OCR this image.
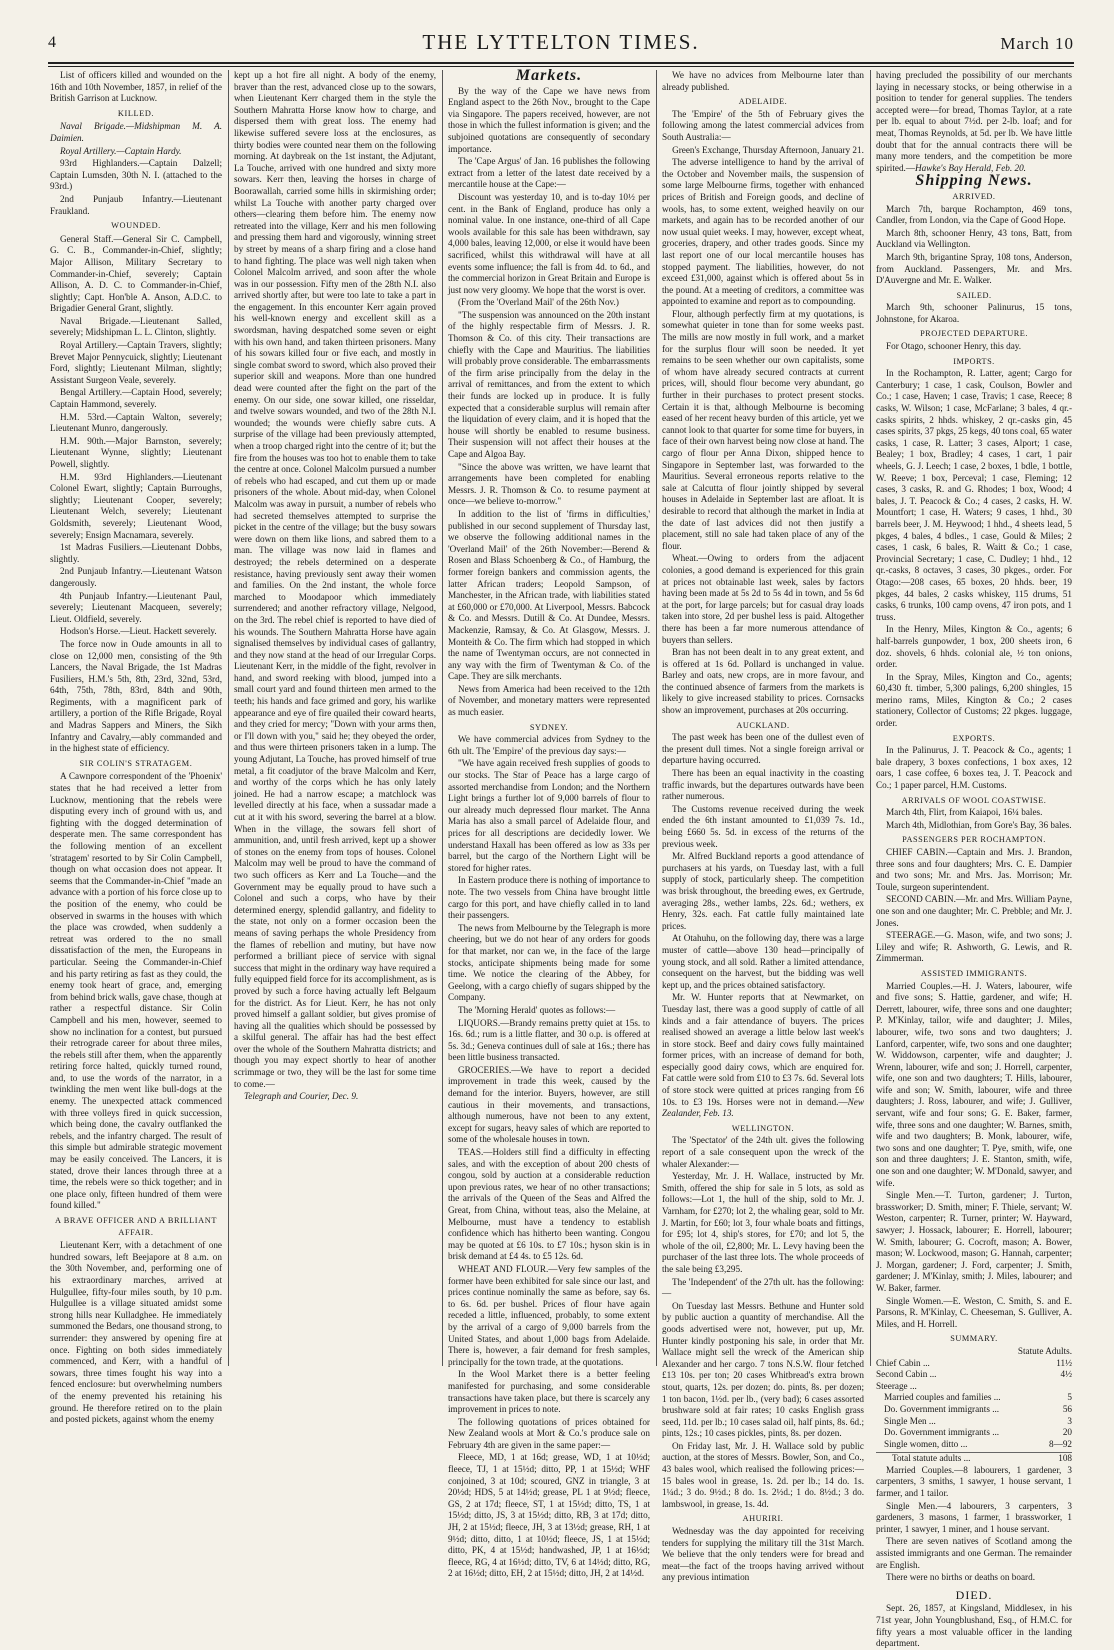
4	THE LYTTELTON TIMES.	March 10

List of officers killed and wounded on the 16th and 10th November, 1857, in relief of the British Garrison at Lucknow.

KILLED.

Naval Brigade.—Midshipman M. A. Daimien.

Royal Artillery.—Captain Hardy.

93rd Highlanders.—Captain Dalzell; Captain Lumsden, 30th N. I. (attached to the 93rd.)

2nd Punjaub Infantry.—Lieutenant Fraukland.

WOUNDED.

General Staff.—General Sir C. Campbell, G. C. B., Commander-in-Chief, slightly; Major Allison, Military Secretary to Commander-in-Chief, severely; Captain Allison, A. D. C. to Commander-in-Chief, slightly; Capt. Hon'ble A. Anson, A.D.C. to Brigadier General Grant, slightly.

Naval Brigade.—Lieutenant Salled, severely; Midshipman L. L. Clinton, slightly.

Royal Artillery.—Captain Travers, slightly; Brevet Major Pennycuick, slightly; Lieutenant Ford, slightly; Lieutenant Milman, slightly; Assistant Surgeon Veale, severely.

Bengal Artillery.—Captain Hood, severely; Captain Hammond, severely.

H.M. 53rd.—Captain Walton, severely; Lieutenant Munro, dangerously.

H.M. 90th.—Major Barnston, severely; Lieutenant Wynne, slightly; Lieutenant Powell, slightly.

H.M. 93rd Highlanders.—Lieutenant Colonel Ewart, slightly; Captain Burroughs, slightly; Lieutenant Cooper, severely; Lieutenant Welch, severely; Lieutenant Goldsmith, severely; Lieutenant Wood, severely; Ensign Macnamara, severely.

1st Madras Fusiliers.—Lieutenant Dobbs, slightly.

2nd Punjaub Infantry.—Lieutenant Watson dangerously.

4th Punjaub Infantry.—Lieutenant Paul, severely; Lieutenant Macqueen, severely; Lieut. Oldfield, severely.

Hodson's Horse.—Lieut. Hackett severely.

The force now in Oude amounts in all to close on 12,000 men, consisting of the 9th Lancers, the Naval Brigade, the 1st Madras Fusiliers, H.M.'s 5th, 8th, 23rd, 32nd, 53rd, 64th, 75th, 78th, 83rd, 84th and 90th, Regiments, with a magnificent park of artillery, a portion of the Rifle Brigade, Royal and Madras Sappers and Miners, the Sikh Infantry and Cavalry,—ably commanded and in the highest state of efficiency.

SIR COLIN'S STRATAGEM.

A Cawnpore correspondent of the 'Phoenix' states that he had received a letter from Lucknow, mentioning that the rebels were disputing every inch of ground with us, and fighting with the dogged determination of desperate men. The same correspondent has the following mention of an excellent 'stratagem' resorted to by Sir Colin Campbell, though on what occasion does not appear. It seems that the Commander-in-Chief "made an advance with a portion of his force close up to the position of the enemy, who could be observed in swarms in the houses with which the place was crowded, when suddenly a retreat was ordered to the no small dissatisfaction of the men, the Europeans in particular. Seeing the Commander-in-Chief and his party retiring as fast as they could, the enemy took heart of grace, and, emerging from behind brick walls, gave chase, though at rather a respectful distance. Sir Colin Campbell and his men, however, seemed to show no inclination for a contest, but pursued their retrograde career for about three miles, the rebels still after them, when the apparently retiring force halted, quickly turned round, and, to use the words of the narrator, in a twinkling the men went like bull-dogs at the enemy. The unexpected attack commenced with three volleys fired in quick succession, which being done, the cavalry outflanked the rebels, and the infantry charged. The result of this simple but admirable strategic movement may be easily conceived. The Lancers, it is stated, drove their lances through three at a time, the rebels were so thick together; and in one place only, fifteen hundred of them were found killed."

A BRAVE OFFICER AND A BRILLIANT AFFAIR.

Lieutenant Kerr, with a detachment of one hundred sowars, left Beejapore at 8 a.m. on the 30th November, and, performing one of his extraordinary marches, arrived at Hulgullee, fifty-four miles south, by 10 p.m. Hulgullee is a village situated amidst some strong hills near Kulladghee. He immediately summoned the Bedars, one thousand strong, to surrender: they answered by opening fire at once. Fighting on both sides immediately commenced, and Kerr, with a handful of sowars, three times fought his way into a fenced enclosure: but overwhelming numbers of the enemy prevented his retaining his ground. He therefore retired on to the plain and posted pickets, against whom the enemy

kept up a hot fire all night. A body of the enemy, braver than the rest, advanced close up to the sowars, when Lieutenant Kerr charged them in the style the Southern Mahratta Horse know how to charge, and dispersed them with great loss. The enemy had likewise suffered severe loss at the enclosures, as thirty bodies were counted near them on the following morning. At daybreak on the 1st instant, the Adjutant, La Touche, arrived with one hundred and sixty more sowars. Kerr then, leaving the horses in charge of Boorawallah, carried some hills in skirmishing order; whilst La Touche with another party charged over others—clearing them before him. The enemy now retreated into the village, Kerr and his men following and pressing them hard and vigorously, winning street by street by means of a sharp firing and a close hand to hand fighting. The place was well nigh taken when Colonel Malcolm arrived, and soon after the whole was in our possession. Fifty men of the 28th N.I. also arrived shortly after, but were too late to take a part in the engagement. In this encounter Kerr again proved his well-known energy and excellent skill as a swordsman, having despatched some seven or eight with his own hand, and taken thirteen prisoners. Many of his sowars killed four or five each, and mostly in single combat sword to sword, which also proved their superior skill and weapons. More than one hundred dead were counted after the fight on the part of the enemy. On our side, one sowar killed, one risseldar, and twelve sowars wounded, and two of the 28th N.I. wounded; the wounds were chiefly sabre cuts. A surprise of the village had been previously attempted, when a troop charged right into the centre of it; but the fire from the houses was too hot to enable them to take the centre at once. Colonel Malcolm pursued a number of rebels who had escaped, and cut them up or made prisoners of the whole. About mid-day, when Colonel Malcolm was away in pursuit, a number of rebels who had secreted themselves attempted to surprise the picket in the centre of the village; but the busy sowars were down on them like lions, and sabred them to a man. The village was now laid in flames and destroyed; the rebels determined on a desperate resistance, having previously sent away their women and families. On the 2nd instant, the whole force marched to Moodapoor which immediately surrendered; and another refractory village, Nelgood, on the 3rd. The rebel chief is reported to have died of his wounds. The Southern Mahratta Horse have again signalised themselves by individual cases of gallantry, and they now stand at the head of our Irregular Corps. Lieutenant Kerr, in the middle of the fight, revolver in hand, and sword reeking with blood, jumped into a small court yard and found thirteen men armed to the teeth; his hands and face grimed and gory, his warlike appearance and eye of fire quailed their coward hearts, and they cried for mercy; "Down with your arms then, or I'll down with you," said he; they obeyed the order, and thus were thirteen prisoners taken in a lump. The young Adjutant, La Touche, has proved himself of true metal, a fit coadjutor of the brave Malcolm and Kerr, and worthy of the corps which he has only lately joined. He had a narrow escape; a matchlock was levelled directly at his face, when a sussadar made a cut at it with his sword, severing the barrel at a blow. When in the village, the sowars fell short of ammunition, and, until fresh arrived, kept up a shower of stones on the enemy from tops of houses. Colonel Malcolm may well be proud to have the command of two such officers as Kerr and La Touche—and the Government may be equally proud to have such a Colonel and such a corps, who have by their determined energy, splendid gallantry, and fidelity to the state, not only on a former occasion been the means of saving perhaps the whole Presidency from the flames of rebellion and mutiny, but have now performed a brilliant piece of service with signal success that might in the ordinary way have required a fully equipped field force for its accomplishment, as is proved by such a force having actually left Belgaum for the district. As for Lieut. Kerr, he has not only proved himself a gallant soldier, but gives promise of having all the qualities which should be possessed by a skilful general. The affair has had the best effect over the whole of the Southern Mahratta districts; and though you may expect shortly to hear of another scrimmage or two, they will be the last for some time to come.—

Telegraph and Courier, Dec. 9.

Markets.

By the way of the Cape we have news from England aspect to the 26th Nov., brought to the Cape via Singapore. The papers received, however, are not those in which the fullest information is given; and the subjoined quotations are consequently of secondary importance.

The 'Cape Argus' of Jan. 16 publishes the following extract from a letter of the latest date received by a mercantile house at the Cape:—

Discount was yesterday 10, and is to-day 10½ per cent. in the Bank of England, produce has only a nominal value. In one instance, one-third of all Cape wools available for this sale has been withdrawn, say 4,000 bales, leaving 12,000, or else it would have been sacrificed, whilst this withdrawal will have at all events some influence; the fall is from 4d. to 6d., and the commercial horizon in Great Britain and Europe is just now very gloomy. We hope that the worst is over.

(From the 'Overland Mail' of the 26th Nov.)

"The suspension was announced on the 20th instant of the highly respectable firm of Messrs. J. R. Thomson & Co. of this city. Their transactions are chiefly with the Cape and Mauritius. The liabilities will probably prove considerable. The embarrassments of the firm arise principally from the delay in the arrival of remittances, and from the extent to which their funds are locked up in produce. It is fully expected that a considerable surplus will remain after the liquidation of every claim, and it is hoped that the house will shortly be enabled to resume business. Their suspension will not affect their houses at the Cape and Algoa Bay.

"Since the above was written, we have learnt that arrangements have been completed for enabling Messrs. J. R. Thomson & Co. to resume payment at once—we believe to-morrow."

In addition to the list of 'firms in difficulties,' published in our second supplement of Thursday last, we observe the following additional names in the 'Overland Mail' of the 26th November:—Berend & Rosen and Blass Schoenberg & Co., of Hamburg, the former foreign bankers and commission agents, the latter African traders; Leopold Sampson, of Manchester, in the African trade, with liabilities stated at £60,000 or £70,000. At Liverpool, Messrs. Babcock & Co. and Messrs. Dutill & Co. At Dundee, Messrs. Mackenzie, Ramsay, & Co. At Glasgow, Messrs. J. Monteith & Co. The firm which had stopped in which the name of Twentyman occurs, are not connected in any way with the firm of Twentyman & Co. of the Cape. They are silk merchants.

News from America had been received to the 12th of November, and monetary matters were represented as much easier.

SYDNEY.

We have commercial advices from Sydney to the 6th ult. The 'Empire' of the previous day says:—

"We have again received fresh supplies of goods to our stocks. The Star of Peace has a large cargo of assorted merchandise from London; and the Northern Light brings a further lot of 9,000 barrels of flour to our already much depressed flour market. The Anna Maria has also a small parcel of Adelaide flour, and prices for all descriptions are decidedly lower. We understand Haxall has been offered as low as 33s per barrel, but the cargo of the Northern Light will be stored for higher rates.

In Eastern produce there is nothing of importance to note. The two vessels from China have brought little cargo for this port, and have chiefly called in to land their passengers.

The news from Melbourne by the Telegraph is more cheering, but we do not hear of any orders for goods for that market, nor can we, in the face of the large stocks, anticipate shipments being made for some time. We notice the clearing of the Abbey, for Geelong, with a cargo chiefly of sugars shipped by the Company.

The 'Morning Herald' quotes as follows:—

LIQUORS.—Brandy remains pretty quiet at 15s. to 16s. 6d.; rum is a little flatter, and 30 o.p. is offered at 5s. 3d.; Geneva continues dull of sale at 16s.; there has been little business transacted.

GROCERIES.—We have to report a decided improvement in trade this week, caused by the demand for the interior. Buyers, however, are still cautious in their movements, and transactions, although numerous, have not been to any extent, except for sugars, heavy sales of which are reported to some of the wholesale houses in town.

TEAS.—Holders still find a difficulty in effecting sales, and with the exception of about 200 chests of congou, sold by auction at a considerable reduction upon previous rates, we hear of no other transactions; the arrivals of the Queen of the Seas and Alfred the Great, from China, without teas, also the Melaine, at Melbourne, must have a tendency to establish confidence which has hitherto been wanting. Congou may be quoted at £6 10s. to £7 10s.; hyson skin is in brisk demand at £4 4s. to £5 12s. 6d.

WHEAT AND FLOUR.—Very few samples of the former have been exhibited for sale since our last, and prices continue nominally the same as before, say 6s. to 6s. 6d. per bushel. Prices of flour have again receded a little, influenced, probably, to some extent by the arrival of a cargo of 9,000 barrels from the United States, and about 1,000 bags from Adelaide. There is, however, a fair demand for fresh samples, principally for the town trade, at the quotations.

In the Wool Market there is a better feeling manifested for purchasing, and some considerable transactions have taken place, but there is scarcely any improvement in prices to note.

The following quotations of prices obtained for New Zealand wools at Mort & Co.'s produce sale on February 4th are given in the same paper:—

Fleece, MD, 1 at 16d; grease, WD, 1 at 10½d; fleece, TJ, 1 at 15½d; ditto, PP, 1 at 15½d; WHF conjoined, 3 at 10d; scoured, GNZ in triangle, 3 at 20½d; HDS, 5 at 14½d; grease, PL 1 at 9½d; fleece, GS, 2 at 17d; fleece, ST, 1 at 15½d; ditto, TS, 1 at 15½d; ditto, JS, 3 at 15½d; ditto, RB, 3 at 17d; ditto, JH, 2 at 15½d; fleece, JH, 3 at 13½d; grease, RH, 1 at 9½d; ditto, ditto, 1 at 10½d; fleece, JS, 1 at 15½d; ditto, PK, 4 at 15½d; handwashed, JP, 1 at 16½d; fleece, RG, 4 at 16½d; ditto, TV, 6 at 14½d; ditto, RG, 2 at 16½d; ditto, EH, 2 at 15½d; ditto, JH, 2 at 14½d.

We have no advices from Melbourne later than already published.

ADELAIDE.

The 'Empire' of the 5th of February gives the following among the latest commercial advices from South Australia:—

Green's Exchange, Thursday Afternoon, January 21.

The adverse intelligence to hand by the arrival of the October and November mails, the suspension of some large Melbourne firms, together with enhanced prices of British and Foreign goods, and decline of wools, has, to some extent, weighed heavily on our markets, and again has to be recorded another of our now usual quiet weeks. I may, however, except wheat, groceries, drapery, and other trades goods. Since my last report one of our local mercantile houses has stopped payment. The liabilities, however, do not exceed £31,000, against which is offered about 5s in the pound. At a meeting of creditors, a committee was appointed to examine and report as to compounding.

Flour, although perfectly firm at my quotations, is somewhat quieter in tone than for some weeks past. The mills are now mostly in full work, and a market for the surplus flour will soon be needed. It yet remains to be seen whether our own capitalists, some of whom have already secured contracts at current prices, will, should flour become very abundant, go further in their purchases to protect present stocks. Certain it is that, although Melbourne is becoming eased of her recent heavy burden of this article, yet we cannot look to that quarter for some time for buyers, in face of their own harvest being now close at hand. The cargo of flour per Anna Dixon, shipped hence to Singapore in September last, was forwarded to the Mauritius. Several erroneous reports relative to the sale at Calcutta of flour jointly shipped by several houses in Adelaide in September last are afloat. It is desirable to record that although the market in India at the date of last advices did not then justify a placement, still no sale had taken place of any of the flour.

Wheat.—Owing to orders from the adjacent colonies, a good demand is experienced for this grain at prices not obtainable last week, sales by factors having been made at 5s 2d to 5s 4d in town, and 5s 6d at the port, for large parcels; but for casual dray loads taken into store, 2d per bushel less is paid. Altogether there has been a far more numerous attendance of buyers than sellers.

Bran has not been dealt in to any great extent, and is offered at 1s 6d. Pollard is unchanged in value. Barley and oats, new crops, are in more favour, and the continued absence of farmers from the markets is likely to give increased stability to prices. Cornsacks show an improvement, purchases at 20s occurring.

AUCKLAND.

The past week has been one of the dullest even of the present dull times. Not a single foreign arrival or departure having occurred.

There has been an equal inactivity in the coasting traffic inwards, but the departures outwards have been rather numerous.

The Customs revenue received during the week ended the 6th instant amounted to £1,039 7s. 1d., being £660 5s. 5d. in excess of the returns of the previous week.

Mr. Alfred Buckland reports a good attendance of purchasers at his yards, on Tuesday last, with a full supply of stock, particularly sheep. The competition was brisk throughout, the breeding ewes, ex Gertrude, averaging 28s., wether lambs, 22s. 6d.; wethers, ex Henry, 32s. each. Fat cattle fully maintained late prices.

At Otahuhu, on the following day, there was a large muster of cattle—above 130 head—principally of young stock, and all sold. Rather a limited attendance, consequent on the harvest, but the bidding was well kept up, and the prices obtained satisfactory.

Mr. W. Hunter reports that at Newmarket, on Tuesday last, there was a good supply of cattle of all kinds and a fair attendance of buyers. The prices realised showed an average a little below last week's in store stock. Beef and dairy cows fully maintained former prices, with an increase of demand for both, especially good dairy cows, which are enquired for. Fat cattle were sold from £10 to £3 7s. 6d. Several lots of store stock were quitted at prices ranging from £6 10s. to £3 19s. Horses were not in demand.—New Zealander, Feb. 13.

WELLINGTON.

The 'Spectator' of the 24th ult. gives the following report of a sale consequent upon the wreck of the whaler Alexander:—

Yesterday, Mr. J. H. Wallace, instructed by Mr. Smith, offered the ship for sale in 5 lots, as sold as follows:—Lot 1, the hull of the ship, sold to Mr. J. Varnham, for £270; lot 2, the whaling gear, sold to Mr. J. Martin, for £60; lot 3, four whale boats and fittings, for £95; lot 4, ship's stores, for £70; and lot 5, the whole of the oil, £2,800; Mr. L. Levy having been the purchaser of the last three lots. The whole proceeds of the sale being £3,295.

The 'Independent' of the 27th ult. has the following:—

On Tuesday last Messrs. Bethune and Hunter sold by public auction a quantity of merchandise. All the goods advertised were not, however, put up, Mr. Hunter kindly postponing his sale, in order that Mr. Wallace might sell the wreck of the American ship Alexander and her cargo. 7 tons N.S.W. flour fetched £13 10s. per ton; 20 cases Whitbread's extra brown stout, quarts, 12s. per dozen; do. pints, 8s. per dozen; 1 ton bacon, 1½d. per lb., (very bad); 6 cases assorted brushware sold at fair rates; 10 casks English grass seed, 11d. per lb.; 10 cases salad oil, half pints, 8s. 6d.; pints, 12s.; 10 cases pickles, pints, 8s. per dozen.

On Friday last, Mr. J. H. Wallace sold by public auction, at the stores of Messrs. Bowler, Son, and Co., 43 bales wool, which realised the following prices:—15 bales wool in grease, 1s. 2d. per lb.; 14 do. 1s. 1¼d.; 3 do. 9½d.; 8 do. 1s. 2½d.; 1 do. 8½d.; 3 do. lambswool, in grease, 1s. 4d.

AHURIRI.

Wednesday was the day appointed for receiving tenders for supplying the military till the 31st March. We believe that the only tenders were for bread and meat—the fact of the troops having arrived without any previous intimation

having precluded the possibility of our merchants laying in necessary stocks, or being otherwise in a position to tender for general supplies. The tenders accepted were—for bread, Thomas Taylor, at a rate per lb. equal to about 7½d. per 2-lb. loaf; and for meat, Thomas Reynolds, at 5d. per lb. We have little doubt that for the annual contracts there will be many more tenders, and the competition be more spirited.—Hawke's Bay Herald, Feb. 20.

Shipping News.
ARRIVED.

March 7th, barque Rochampton, 469 tons, Candler, from London, via the Cape of Good Hope.

March 8th, schooner Henry, 43 tons, Batt, from Auckland via Wellington.

March 9th, brigantine Spray, 108 tons, Anderson, from Auckland. Passengers, Mr. and Mrs. D'Auvergne and Mr. E. Walker.

SAILED.

March 9th, schooner Palinurus, 15 tons, Johnstone, for Akaroa.

PROJECTED DEPARTURE.

For Otago, schooner Henry, this day.

IMPORTS.

In the Rochampton, R. Latter, agent; Cargo for Canterbury; 1 case, 1 cask, Coulson, Bowler and Co.; 1 case, Haven; 1 case, Travis; 1 case, Reece; 8 casks, W. Wilson; 1 case, McFarlane; 3 bales, 4 qr.-casks spirits, 2 hhds. whiskey, 2 qr.-casks gin, 45 cases spirits, 37 pkgs, 25 kegs, 40 tons coal, 65 water casks, 1 case, R. Latter; 3 cases, Alport; 1 case, Bealey; 1 box, Bradley; 4 cases, 1 cart, 1 pair wheels, G. J. Leech; 1 case, 2 boxes, 1 bdle, 1 bottle, W. Reeve; 1 box, Perceval; 1 case, Fleming; 12 cases, 3 casks, R. and G. Rhodes; 1 box, Wood; 4 bales, J. T. Peacock & Co.; 4 cases, 2 casks, H. W. Mountfort; 1 case, H. Waters; 9 cases, 1 hhd., 30 barrels beer, J. M. Heywood; 1 hhd., 4 sheets lead, 5 pkges, 4 bales, 4 bdles., 1 case, Gould & Miles; 2 cases, 1 cask, 6 bales, R. Waitt & Co.; 1 case, Provincial Secretary; 1 case, C. Dudley; 1 hhd., 12 qr.-casks, 8 octaves, 3 cases, 30 pkges., order. For Otago:—208 cases, 65 boxes, 20 hhds. beer, 19 pkges, 44 bales, 2 casks whiskey, 115 drums, 51 casks, 6 trunks, 100 camp ovens, 47 iron pots, and 1 truss.

In the Henry, Miles, Kington & Co., agents; 6 half-barrels gunpowder, 1 box, 200 sheets iron, 6 doz. shovels, 6 hhds. colonial ale, ½ ton onions, order.

In the Spray, Miles, Kington and Co., agents; 60,430 ft. timber, 5,300 palings, 6,200 shingles, 15 merino rams, Miles, Kington & Co.; 2 cases stationery, Collector of Customs; 22 pkges. luggage, order.

EXPORTS.

In the Palinurus, J. T. Peacock & Co., agents; 1 bale drapery, 3 boxes confections, 1 box axes, 12 oars, 1 case coffee, 6 boxes tea, J. T. Peacock and Co.; 1 paper parcel, H.M. Customs.

ARRIVALS OF WOOL COASTWISE.

March 4th, Flirt, from Kaiapoi, 16¼ bales.

March 4th, Midlothian, from Gore's Bay, 36 bales.

PASSENGERS PER ROCHAMPTON.

CHIEF CABIN.—Captain and Mrs. J. Brandon, three sons and four daughters; Mrs. C. E. Dampier and two sons; Mr. and Mrs. Jas. Morrison; Mr. Toule, surgeon superintendent.

SECOND CABIN.—Mr. and Mrs. William Payne, one son and one daughter; Mr. C. Prebble; and Mr. J. Jones.

STEERAGE.—G. Mason, wife, and two sons; J. Liley and wife; R. Ashworth, G. Lewis, and R. Zimmerman.

ASSISTED IMMIGRANTS.

Married Couples.—H. J. Waters, labourer, wife and five sons; S. Hattie, gardener, and wife; H. Derrett, labourer, wife, three sons and one daughter; P. M'Kinlay, tailor, wife and daughter; J. Miles, labourer, wife, two sons and two daughters; J. Lanford, carpenter, wife, two sons and one daughter; W. Widdowson, carpenter, wife and daughter; J. Wrenn, labourer, wife and son; J. Horrell, carpenter, wife, one son and two daughters; T. Hills, labourer, wife and son; W. Smith, labourer, wife and three daughters; J. Ross, labourer, and wife; J. Gulliver, servant, wife and four sons; G. E. Baker, farmer, wife, three sons and one daughter; W. Barnes, smith, wife and two daughters; B. Monk, labourer, wife, two sons and one daughter; T. Pye, smith, wife, one son and three daughters; J. E. Stanton, smith, wife, one son and one daughter; W. M'Donald, sawyer, and wife.

Single Men.—T. Turton, gardener; J. Turton, brassworker; D. Smith, miner; F. Thiele, servant; W. Weston, carpenter; R. Turner, printer; W. Hayward, sawyer; J. Hossack, labourer; E. Horrell, labourer; W. Smith, labourer; G. Cocroft, mason; A. Bower, mason; W. Lockwood, mason; G. Hannah, carpenter; J. Morgan, gardener; J. Ford, carpenter; J. Smith, gardener; J. M'Kinlay, smith; J. Miles, labourer; and W. Baker, farmer.

Single Women.—E. Weston, C. Smith, S. and E. Parsons, R. M'Kinlay, C. Cheeseman, S. Gulliver, A. Miles, and H. Horrell.

SUMMARY.
Statute Adults.
Chief Cabin ...	11½
Second Cabin ...	4½
Steerage ...
Married couples and families ...	5
Do. Government immigrants ...	56
Single Men ...	3
Do. Government immigrants ...	20
Single women, ditto ...	8—92
Total statute adults ...	108

Married Couples.—8 labourers, 1 gardener, 3 carpenters, 3 smiths, 1 sawyer, 1 house servant, 1 farmer, and 1 tailor.

Single Men.—4 labourers, 3 carpenters, 3 gardeners, 3 masons, 1 farmer, 1 brassworker, 1 printer, 1 sawyer, 1 miner, and 1 house servant.

There are seven natives of Scotland among the assisted immigrants and one German. The remainder are English.

There were no births or deaths on board.

DIED.

Sept. 26, 1857, at Kingsland, Middlesex, in his 71st year, John Youngblushand, Esq., of H.M.C. for fifty years a most valuable officer in the landing department.
